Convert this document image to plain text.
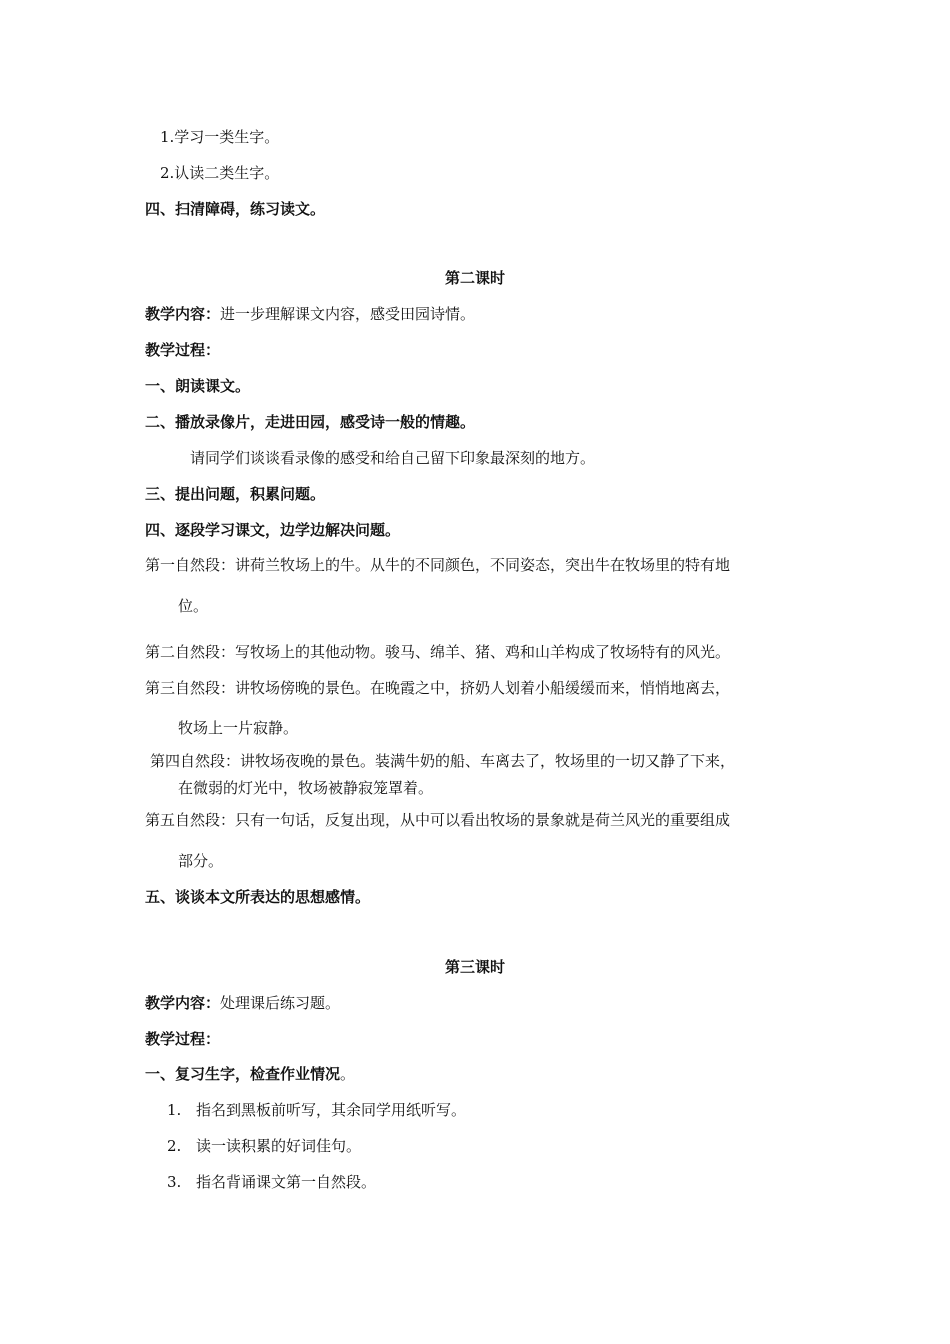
1.学习一类生字。
2.认读二类生字。
四、扫清障碍，练习读文。
第二课时
教学内容：进一步理解课文内容，感受田园诗情。
教学过程：
一、朗读课文。
二、播放录像片，走进田园，感受诗一般的情趣。
请同学们谈谈看录像的感受和给自己留下印象最深刻的地方。
三、提出问题，积累问题。
四、逐段学习课文，边学边解决问题。
第一自然段：讲荷兰牧场上的牛。从牛的不同颜色，不同姿态，突出牛在牧场里的特有地
位。
第二自然段：写牧场上的其他动物。骏马、绵羊、猪、鸡和山羊构成了牧场特有的风光。
第三自然段：讲牧场傍晚的景色。在晚霞之中，挤奶人划着小船缓缓而来，悄悄地离去，
牧场上一片寂静。
第四自然段：讲牧场夜晚的景色。装满牛奶的船、车离去了，牧场里的一切又静了下来，
在微弱的灯光中，牧场被静寂笼罩着。
第五自然段：只有一句话，反复出现，从中可以看出牧场的景象就是荷兰风光的重要组成
部分。
五、谈谈本文所表达的思想感情。
第三课时
教学内容：处理课后练习题。
教学过程：
一、复习生字，检查作业情况。
1. 指名到黑板前听写，其余同学用纸听写。
2. 读一读积累的好词佳句。
3. 指名背诵课文第一自然段。
